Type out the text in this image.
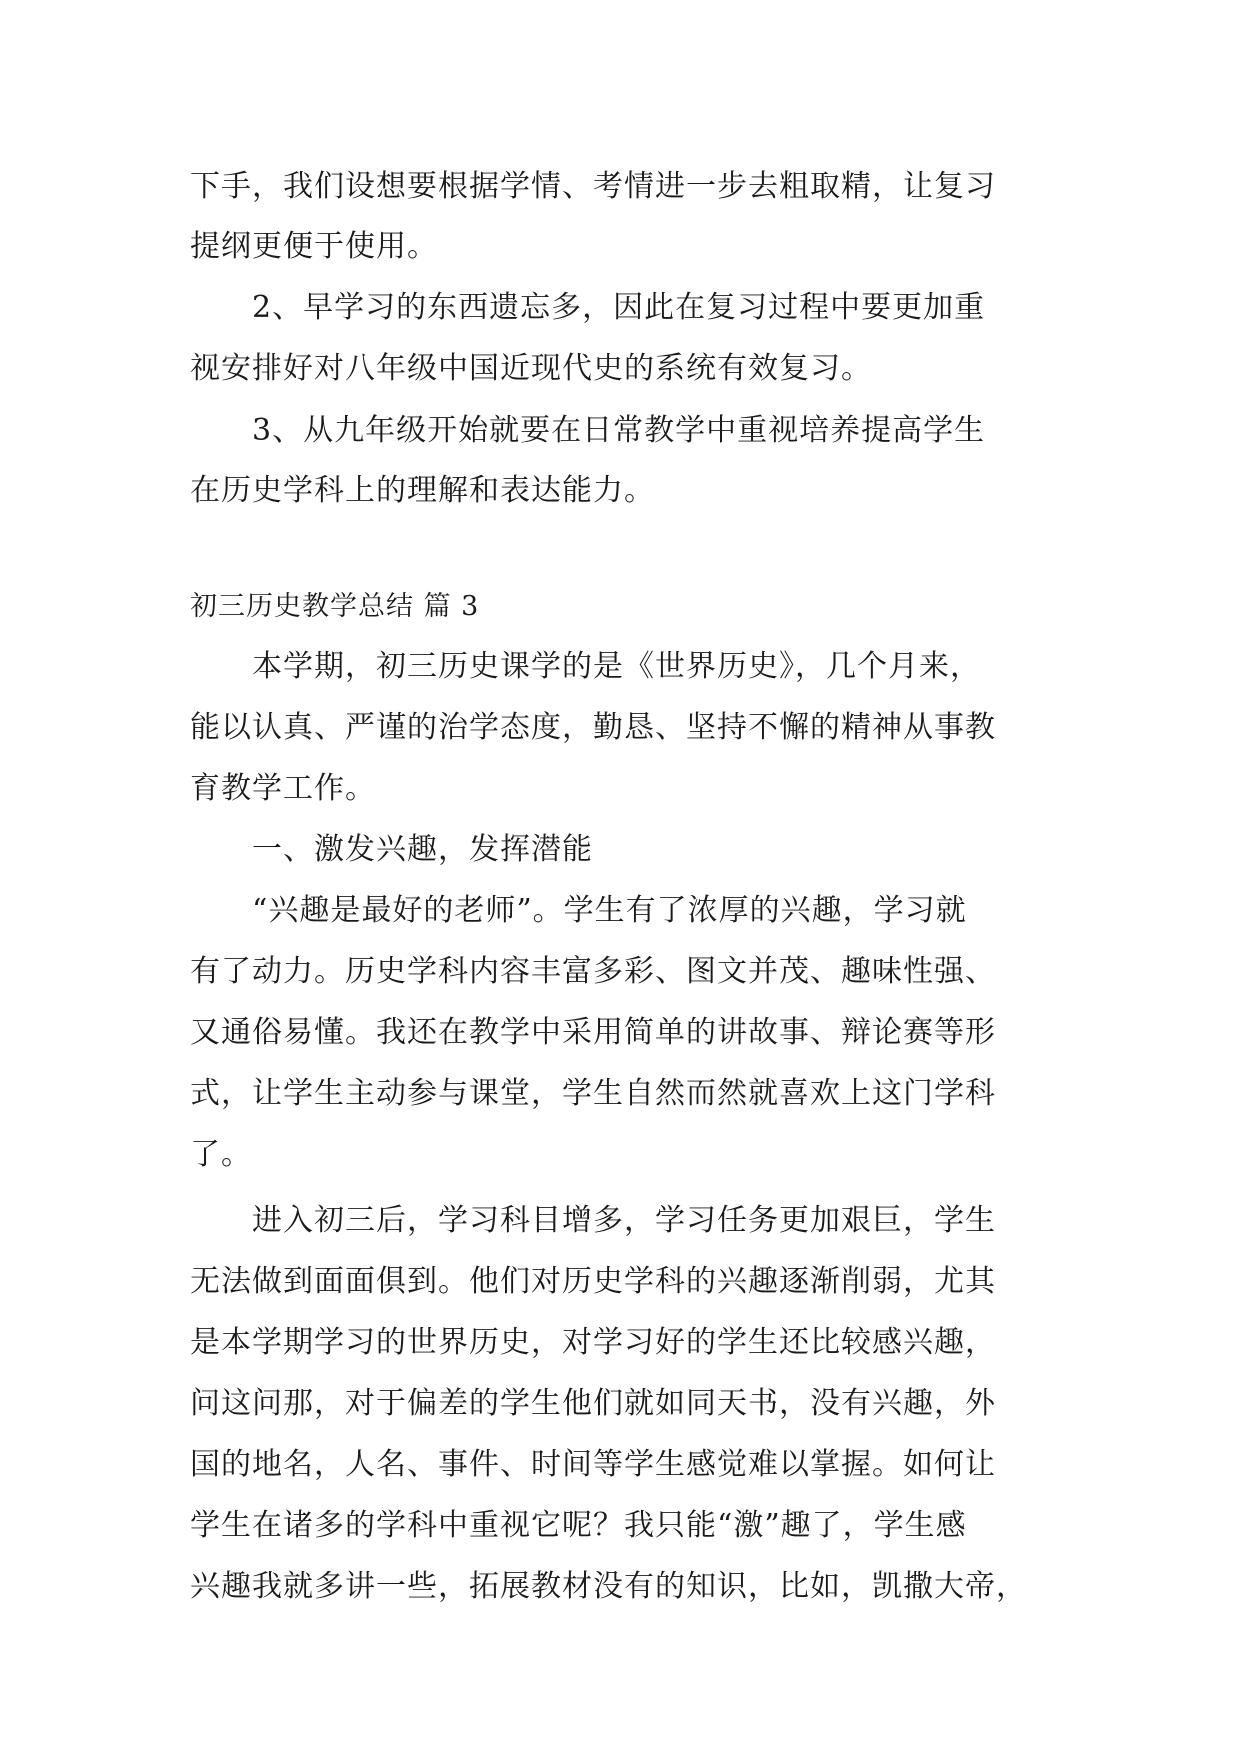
下手，我们设想要根据学情、考情进一步去粗取精，让复习
提纲更便于使用。
2、早学习的东西遗忘多，因此在复习过程中要更加重
视安排好对八年级中国近现代史的系统有效复习。
3、从九年级开始就要在日常教学中重视培养提高学生
在历史学科上的理解和表达能力。
初三历史教学总结 篇 3
本学期，初三历史课学的是《世界历史》，几个月来，
能以认真、严谨的治学态度，勤恳、坚持不懈的精神从事教
育教学工作。
一、激发兴趣，发挥潜能
“兴趣是最好的老师”。学生有了浓厚的兴趣，学习就
有了动力。历史学科内容丰富多彩、图文并茂、趣味性强、
又通俗易懂。我还在教学中采用简单的讲故事、辩论赛等形
式，让学生主动参与课堂，学生自然而然就喜欢上这门学科
了。
进入初三后，学习科目增多，学习任务更加艰巨，学生
无法做到面面俱到。他们对历史学科的兴趣逐渐削弱，尤其
是本学期学习的世界历史，对学习好的学生还比较感兴趣，
问这问那，对于偏差的学生他们就如同天书，没有兴趣，外
国的地名，人名、事件、时间等学生感觉难以掌握。如何让
学生在诸多的学科中重视它呢？我只能“激”趣了，学生感
兴趣我就多讲一些，拓展教材没有的知识，比如，凯撒大帝，
